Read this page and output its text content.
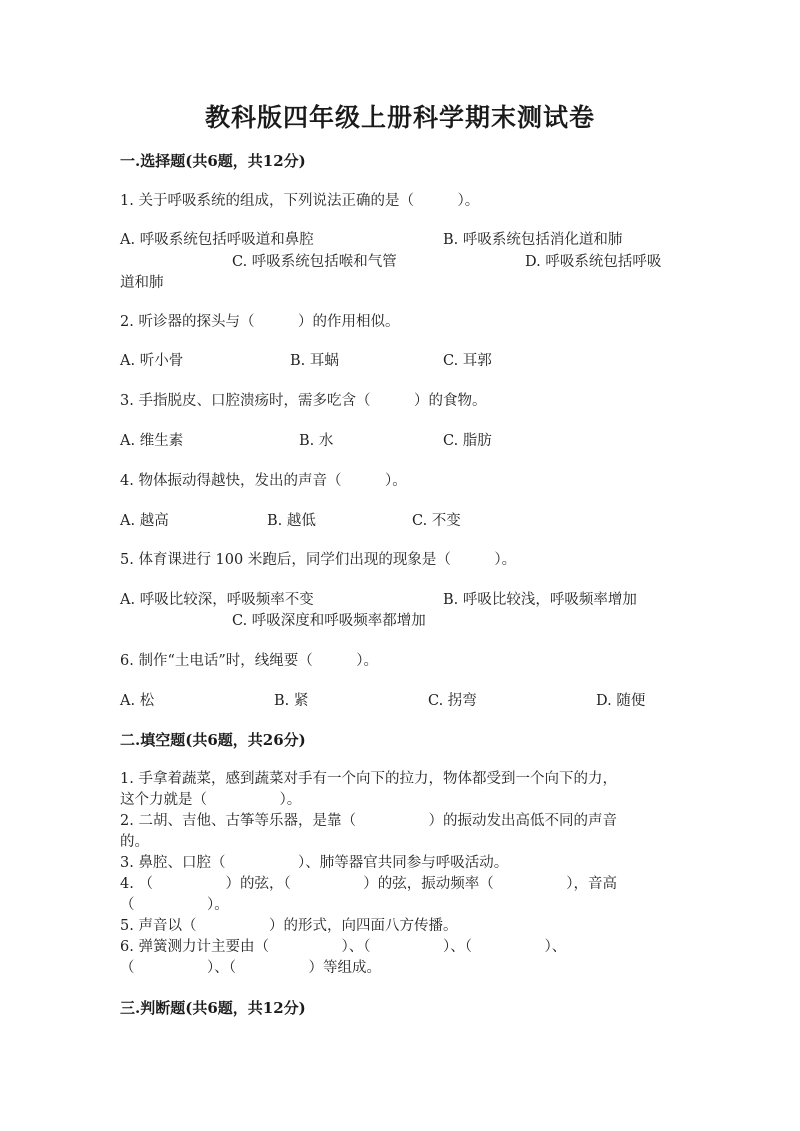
教科版四年级上册科学期末测试卷
一.选择题(共6题，共12分)
1. 关于呼吸系统的组成，下列说法正确的是（　　　）。
A. 呼吸系统包括呼吸道和鼻腔	B. 呼吸系统包括消化道和肺
C. 呼吸系统包括喉和气管	D. 呼吸系统包括呼吸
道和肺
2. 听诊器的探头与（　　　）的作用相似。
A. 听小骨	B. 耳蜗	C. 耳郭
3. 手指脱皮、口腔溃疡时，需多吃含（　　　）的食物。
A. 维生素	B. 水	C. 脂肪
4. 物体振动得越快，发出的声音（　　　）。
A. 越高	B. 越低	C. 不变
5. 体育课进行 100 米跑后，同学们出现的现象是（　　　）。
A. 呼吸比较深，呼吸频率不变	B. 呼吸比较浅，呼吸频率增加
C. 呼吸深度和呼吸频率都增加
6. 制作“土电话”时，线绳要（　　　）。
A. 松	B. 紧	C. 拐弯	D. 随便
二.填空题(共6题，共26分)
1. 手拿着蔬菜，感到蔬菜对手有一个向下的拉力，物体都受到一个向下的力，
这个力就是（　　　　　）。
2. 二胡、吉他、古筝等乐器，是靠（　　　　　）的振动发出高低不同的声音
的。
3. 鼻腔、口腔（　　　　　）、肺等器官共同参与呼吸活动。
4. （　　　　　）的弦，（　　　　　）的弦，振动频率（　　　　　），音高
（　　　　　）。
5. 声音以（　　　　　）的形式，向四面八方传播。
6. 弹簧测力计主要由（　　　　　）、（　　　　　）、（　　　　　）、
（　　　　　）、（　　　　　）等组成。
三.判断题(共6题，共12分)
